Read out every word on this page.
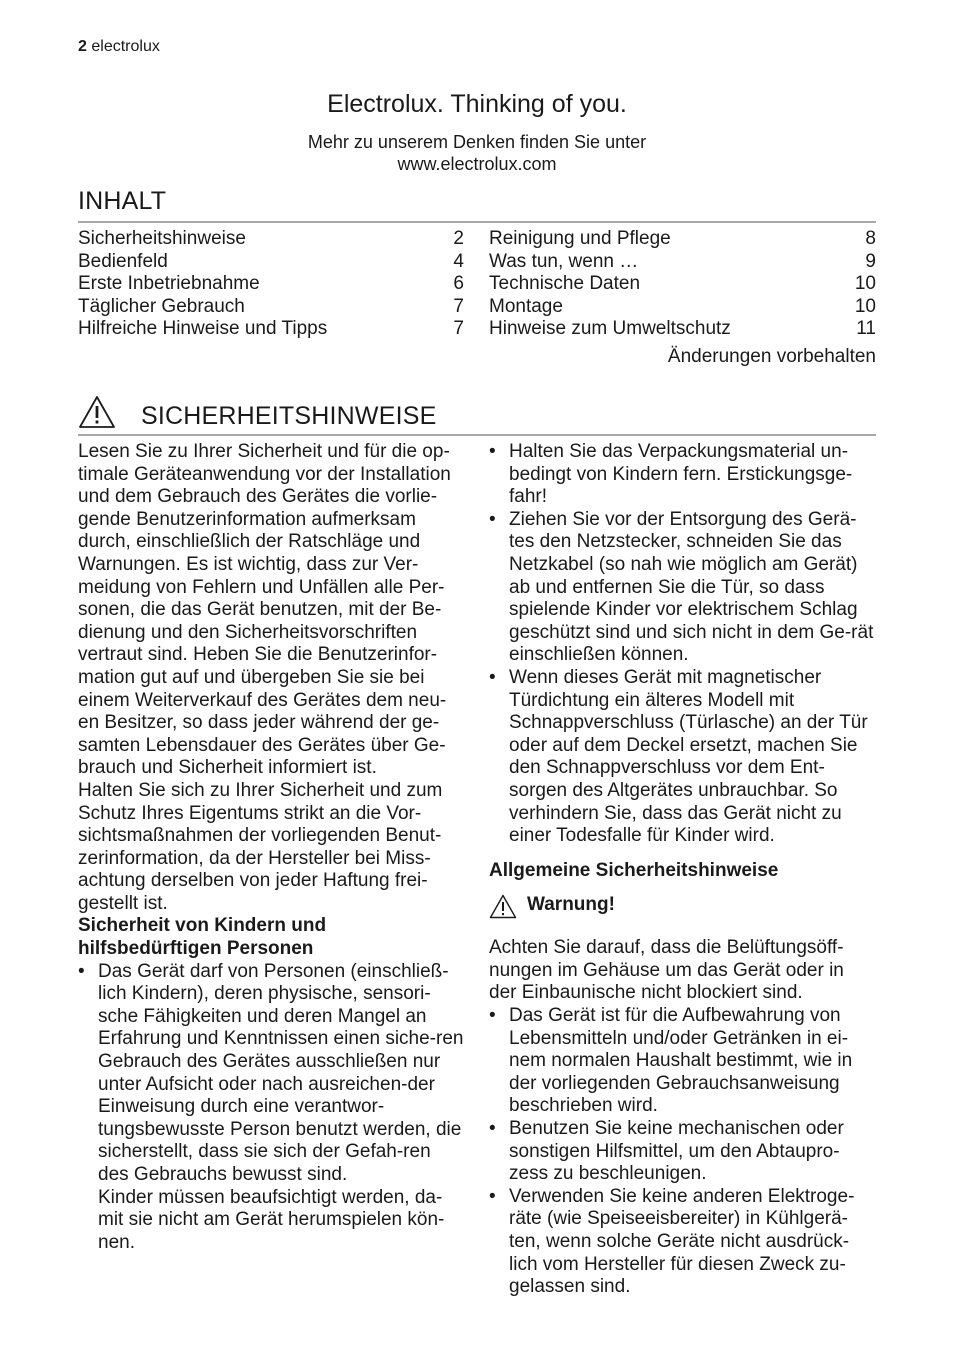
2 electrolux
Electrolux. Thinking of you.
Mehr zu unserem Denken finden Sie unter
www.electrolux.com
INHALT
Sicherheitshinweise	2
Bedienfeld	4
Erste Inbetriebnahme	6
Täglicher Gebrauch	7
Hilfreiche Hinweise und Tipps	7
Reinigung und Pflege	8
Was tun, wenn …	9
Technische Daten	10
Montage	10
Hinweise zum Umweltschutz	11
Änderungen vorbehalten
SICHERHEITSHINWEISE

Lesen Sie zu Ihrer Sicherheit und für die op-timale Geräteanwendung vor der Installation und dem Gebrauch des Gerätes die vorlie-gende Benutzerinformation aufmerksam durch, einschließlich der Ratschläge und Warnungen. Es ist wichtig, dass zur Ver-meidung von Fehlern und Unfällen alle Per-sonen, die das Gerät benutzen, mit der Be-dienung und den Sicherheitsvorschriften vertraut sind. Heben Sie die Benutzerinfor-mation gut auf und übergeben Sie sie bei einem Weiterverkauf des Gerätes dem neu-en Besitzer, so dass jeder während der ge-samten Lebensdauer des Gerätes über Ge-brauch und Sicherheit informiert ist.

Halten Sie sich zu Ihrer Sicherheit und zum Schutz Ihres Eigentums strikt an die Vor-sichtsmaßnahmen der vorliegenden Benut-zerinformation, da der Hersteller bei Miss-achtung derselben von jeder Haftung frei-gestellt ist.

Sicherheit von Kindern und hilfsbedürftigen Personen

• Das Gerät darf von Personen (einschließ-lich Kindern), deren physische, sensori-sche Fähigkeiten und deren Mangel an Erfahrung und Kenntnissen einen siche-ren Gebrauch des Gerätes ausschließen nur unter Aufsicht oder nach ausreichen-der Einweisung durch eine verantwor-tungsbewusste Person benutzt werden, die sicherstellt, dass sie sich der Gefah-ren des Gebrauchs bewusst sind.
Kinder müssen beaufsichtigt werden, da-mit sie nicht am Gerät herumspielen kön-nen.
• Halten Sie das Verpackungsmaterial un-bedingt von Kindern fern. Erstickungsge-fahr!
• Ziehen Sie vor der Entsorgung des Gerä-tes den Netzstecker, schneiden Sie das Netzkabel (so nah wie möglich am Gerät) ab und entfernen Sie die Tür, so dass spielende Kinder vor elektrischem Schlag geschützt sind und sich nicht in dem Ge-rät einschließen können.
• Wenn dieses Gerät mit magnetischer Türdichtung ein älteres Modell mit Schnappverschluss (Türlasche) an der Tür oder auf dem Deckel ersetzt, machen Sie den Schnappverschluss vor dem Ent-sorgen des Altgerätes unbrauchbar. So verhindern Sie, dass das Gerät nicht zu einer Todesfalle für Kinder wird.

Allgemeine Sicherheitshinweise

Warnung!

Achten Sie darauf, dass die Belüftungsöff-nungen im Gehäuse um das Gerät oder in der Einbaunische nicht blockiert sind.

• Das Gerät ist für die Aufbewahrung von Lebensmitteln und/oder Getränken in ei-nem normalen Haushalt bestimmt, wie in der vorliegenden Gebrauchsanweisung beschrieben wird.
• Benutzen Sie keine mechanischen oder sonstigen Hilfsmittel, um den Abtaupro-zess zu beschleunigen.
• Verwenden Sie keine anderen Elektroge-räte (wie Speiseeisbereiter) in Kühlgerä-ten, wenn solche Geräte nicht ausdrück-lich vom Hersteller für diesen Zweck zu-gelassen sind.
